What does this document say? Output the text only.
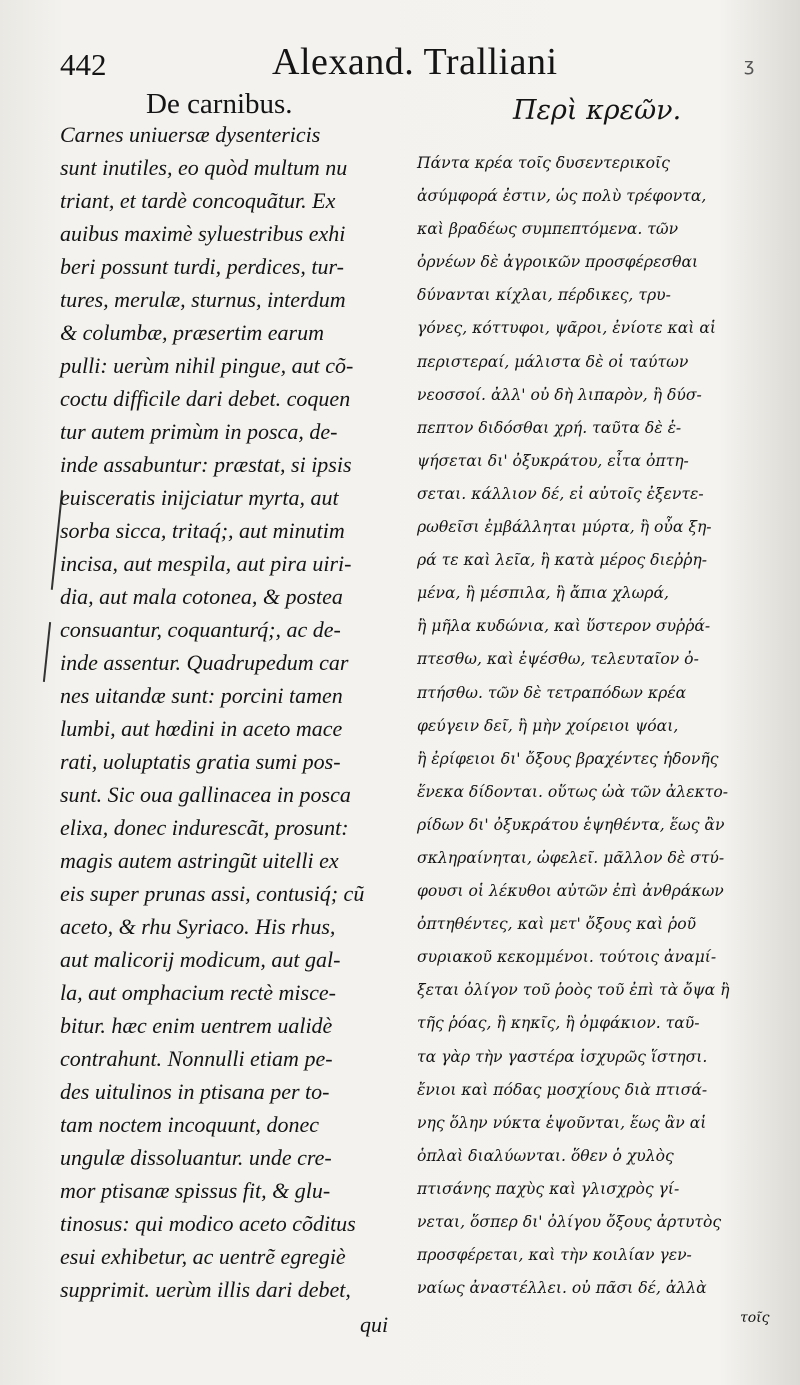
442	Alexand. Tralliani	ʒ
De carnibus.	Περὶ κρεῶν.
Carnes uniuersæ dysentericis
sunt inutiles, eo quòd multum nu
triant, et tardè concoquãtur. Ex
auibus maximè syluestribus exhi
beri possunt turdi, perdices, tur-
tures, merulæ, sturnus, interdum
& columbæ, præsertim earum
pulli: uerùm nihil pingue, aut cõ-
coctu difficile dari debet. coquen
tur autem primùm in posca, de-
inde assabuntur: præstat, si ipsis
euisceratis inijciatur myrta, aut
sorba sicca, tritaq́;, aut minutim
incisa, aut mespila, aut pira uiri-
dia, aut mala cotonea, & postea
consuantur, coquanturq́;, ac de-
inde assentur. Quadrupedum car
nes uitandæ sunt: porcini tamen
lumbi, aut hœdini in aceto mace
rati, uoluptatis gratia sumi pos-
sunt. Sic oua gallinacea in posca
elixa, donec indurescãt, prosunt:
magis autem astringũt uitelli ex
eis super prunas assi, contusiq́; cũ
aceto, & rhu Syriaco. His rhus,
aut malicorij modicum, aut gal-
la, aut omphacium rectè misce-
bitur. hæc enim uentrem ualidè
contrahunt. Nonnulli etiam pe-
des uitulinos in ptisana per to-
tam noctem incoquunt, donec
ungulæ dissoluantur. unde cre-
mor ptisanæ spissus fit, & glu-
tinosus: qui modico aceto cõditus
esui exhibetur, ac uentrẽ egregiè
supprimit. uerùm illis dari debet,
Πάντα κρέα τοῖς δυσεντερικοῖς
ἀσύμφορά ἐστιν, ὡς πολὺ τρέφοντα,
καὶ βραδέως συμπεπτόμενα. τῶν
ὀρνέων δὲ ἀγροικῶν προσφέρεσθαι
δύνανται κίχλαι, πέρδικες, τρυ-
γόνες, κόττυφοι, ψᾶροι, ἐνίοτε καὶ αἱ
περιστεραί, μάλιστα δὲ οἱ ταύτων
νεοσσοί. ἀλλ' οὐ δὴ λιπαρὸν, ἢ δύσ-
πεπτον διδόσθαι χρή. ταῦτα δὲ ἑ-
ψήσεται δι' ὀξυκράτου, εἶτα ὀπτη-
σεται. κάλλιον δέ, εἰ αὐτοῖς ἐξεντε-
ρωθεῖσι ἐμβάλληται μύρτα, ἢ οὖα ξη-
ρά τε καὶ λεῖα, ἢ κατὰ μέρος διεῤῥη-
μένα, ἢ μέσπιλα, ἢ ἄπια χλωρά,
ἢ μῆλα κυδώνια, καὶ ὕστερον συῤῥά-
πτεσθω, καὶ ἑψέσθω, τελευταῖον ὀ-
πτήσθω. τῶν δὲ τετραπόδων κρέα
φεύγειν δεῖ, ἢ μὴν χοίρειοι ψόαι,
ἢ ἐρίφειοι δι' ὄξους βραχέντες ἡδονῆς
ἕνεκα δίδονται. οὕτως ὠὰ τῶν ἀλεκτο-
ρίδων δι' ὀξυκράτου ἑψηθέντα, ἕως ἂν
σκληραίνηται, ὠφελεῖ. μᾶλλον δὲ στύ-
φουσι οἱ λέκυθοι αὐτῶν ἐπὶ ἀνθράκων
ὀπτηθέντες, καὶ μετ' ὄξους καὶ ῥοῦ
συριακοῦ κεκομμένοι. τούτοις ἀναμί-
ξεται ὀλίγον τοῦ ῥοὸς τοῦ ἐπὶ τὰ ὄψα ἢ
τῆς ῥόας, ἢ κηκῖς, ἢ ὀμφάκιον. ταῦ-
τα γὰρ τὴν γαστέρα ἰσχυρῶς ἵστησι.
ἔνιοι καὶ πόδας μοσχίους διὰ πτισά-
νης ὅλην νύκτα ἑψοῦνται, ἕως ἂν αἱ
ὁπλαὶ διαλύωνται. ὅθεν ὁ χυλὸς
πτισάνης παχὺς καὶ γλισχρὸς γί-
νεται, ὅσπερ δι' ὀλίγου ὄξους ἀρτυτὸς
προσφέρεται, καὶ τὴν κοιλίαν γεν-
ναίως ἀναστέλλει. οὐ πᾶσι δέ, ἀλλὰ
qui	τοῖς
